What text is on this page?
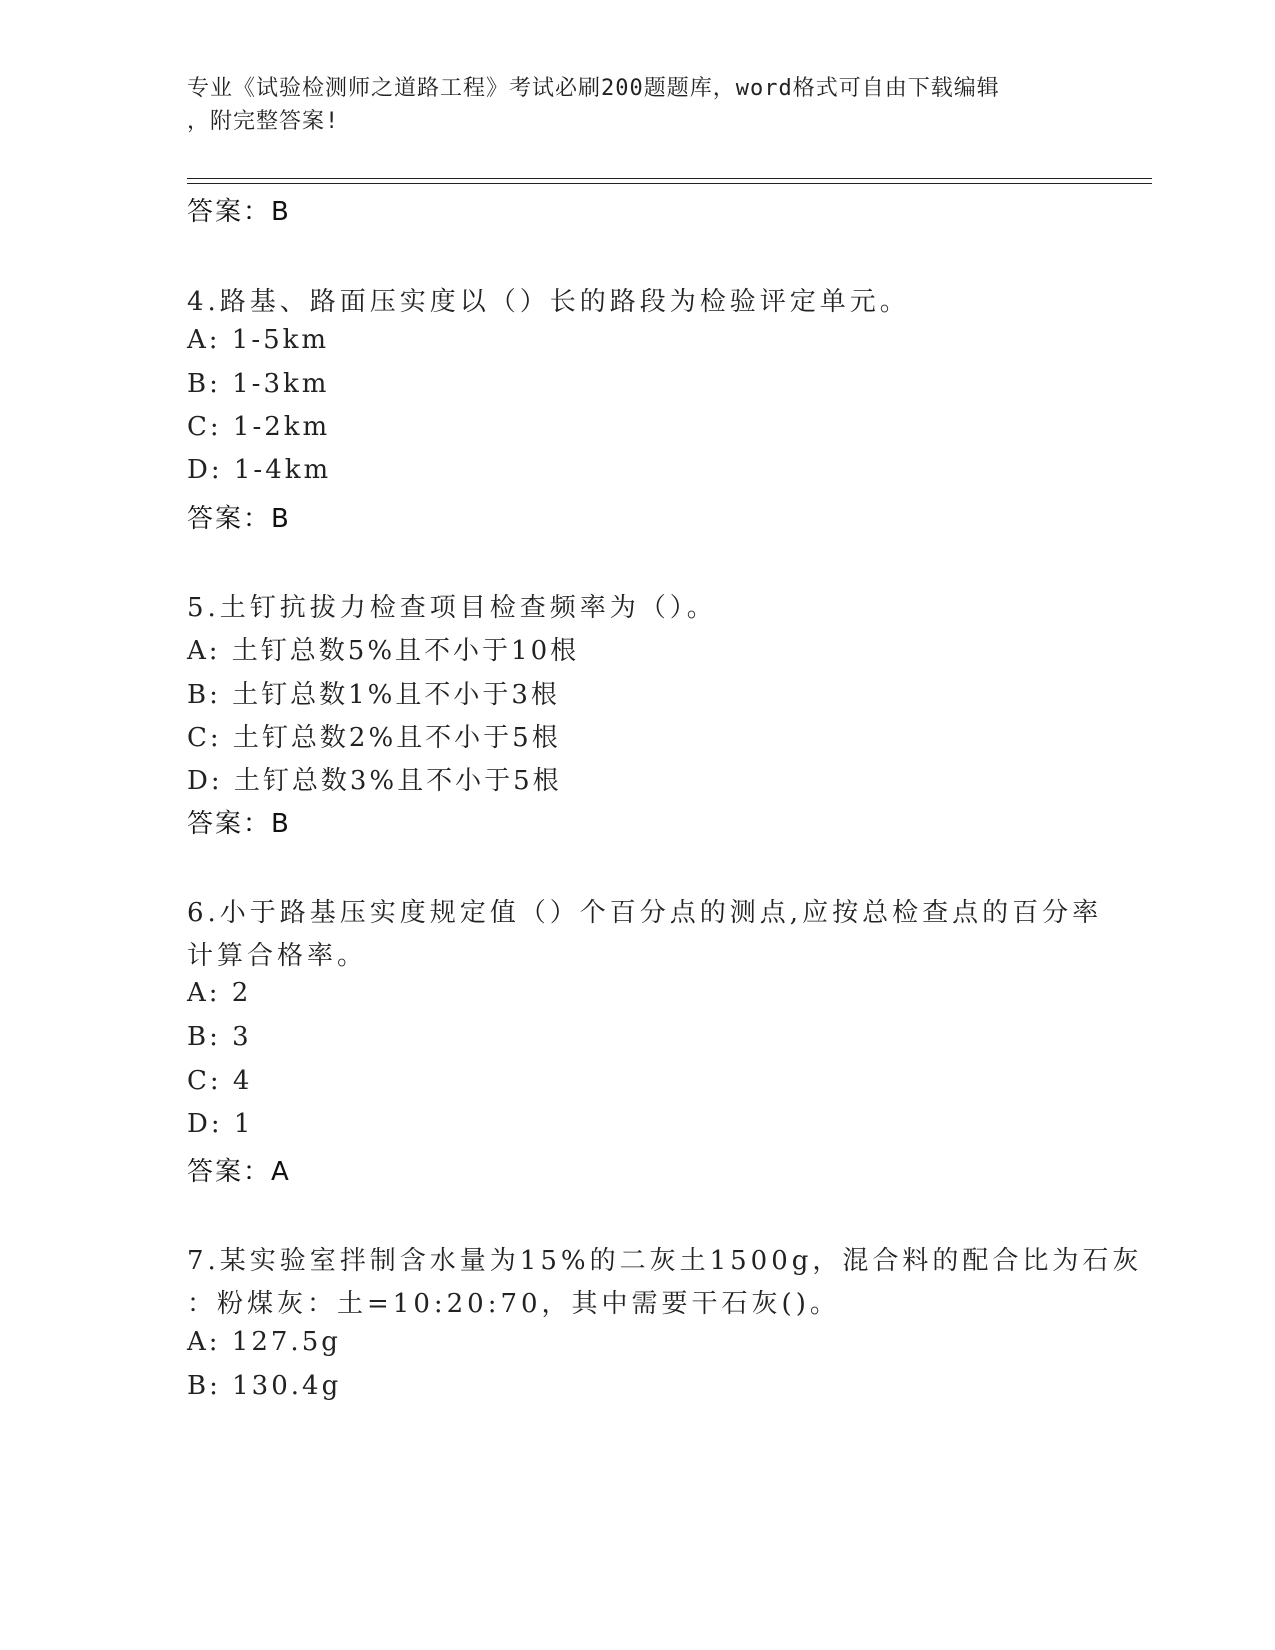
专业《试验检测师之道路工程》考试必刷200题题库，word格式可自由下载编辑
，附完整答案!
答案：B
4.路基、路面压实度以（）长的路段为检验评定单元。
A: 1-5km
B: 1-3km
C: 1-2km
D: 1-4km
答案：B
5.土钉抗拔力检查项目检查频率为（）。
A: 土钉总数5%且不小于10根
B: 土钉总数1%且不小于3根
C: 土钉总数2%且不小于5根
D: 土钉总数3%且不小于5根
答案：B
6.小于路基压实度规定值（）个百分点的测点,应按总检查点的百分率
计算合格率。
A: 2
B: 3
C: 4
D: 1
答案：A
7.某实验室拌制含水量为15%的二灰土1500g，混合料的配合比为石灰
：粉煤灰：土=10:20:70，其中需要干石灰()。
A: 127.5g
B: 130.4g
